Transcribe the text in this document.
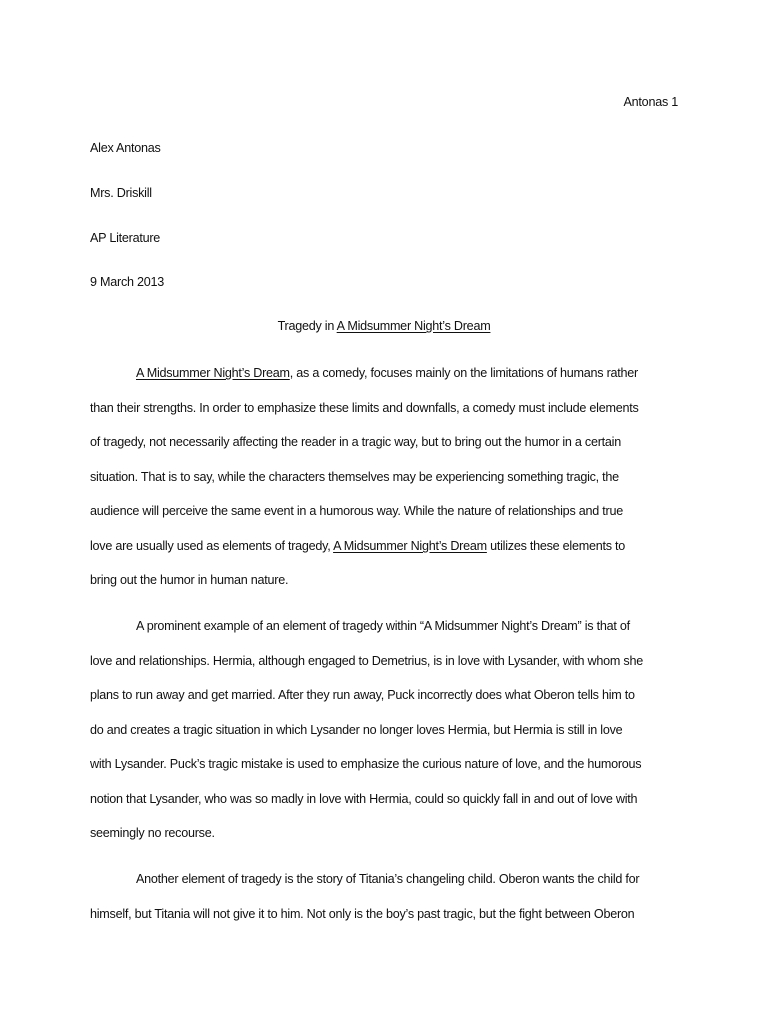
Antonas 1
Alex Antonas
Mrs. Driskill
AP Literature
9 March 2013
Tragedy in A Midsummer Night’s Dream
A Midsummer Night’s Dream, as a comedy, focuses mainly on the limitations of humans rather
than their strengths. In order to emphasize these limits and downfalls, a comedy must include elements
of tragedy, not necessarily affecting the reader in a tragic way, but to bring out the humor in a certain
situation. That is to say, while the characters themselves may be experiencing something tragic, the
audience will perceive the same event in a humorous way. While the nature of relationships and true
love are usually used as elements of tragedy, A Midsummer Night’s Dream utilizes these elements to
bring out the humor in human nature.
A prominent example of an element of tragedy within “A Midsummer Night’s Dream” is that of
love and relationships. Hermia, although engaged to Demetrius, is in love with Lysander, with whom she
plans to run away and get married. After they run away, Puck incorrectly does what Oberon tells him to
do and creates a tragic situation in which Lysander no longer loves Hermia, but Hermia is still in love
with Lysander. Puck’s tragic mistake is used to emphasize the curious nature of love, and the humorous
notion that Lysander, who was so madly in love with Hermia, could so quickly fall in and out of love with
seemingly no recourse.
Another element of tragedy is the story of Titania’s changeling child. Oberon wants the child for
himself, but Titania will not give it to him. Not only is the boy’s past tragic, but the fight between Oberon
